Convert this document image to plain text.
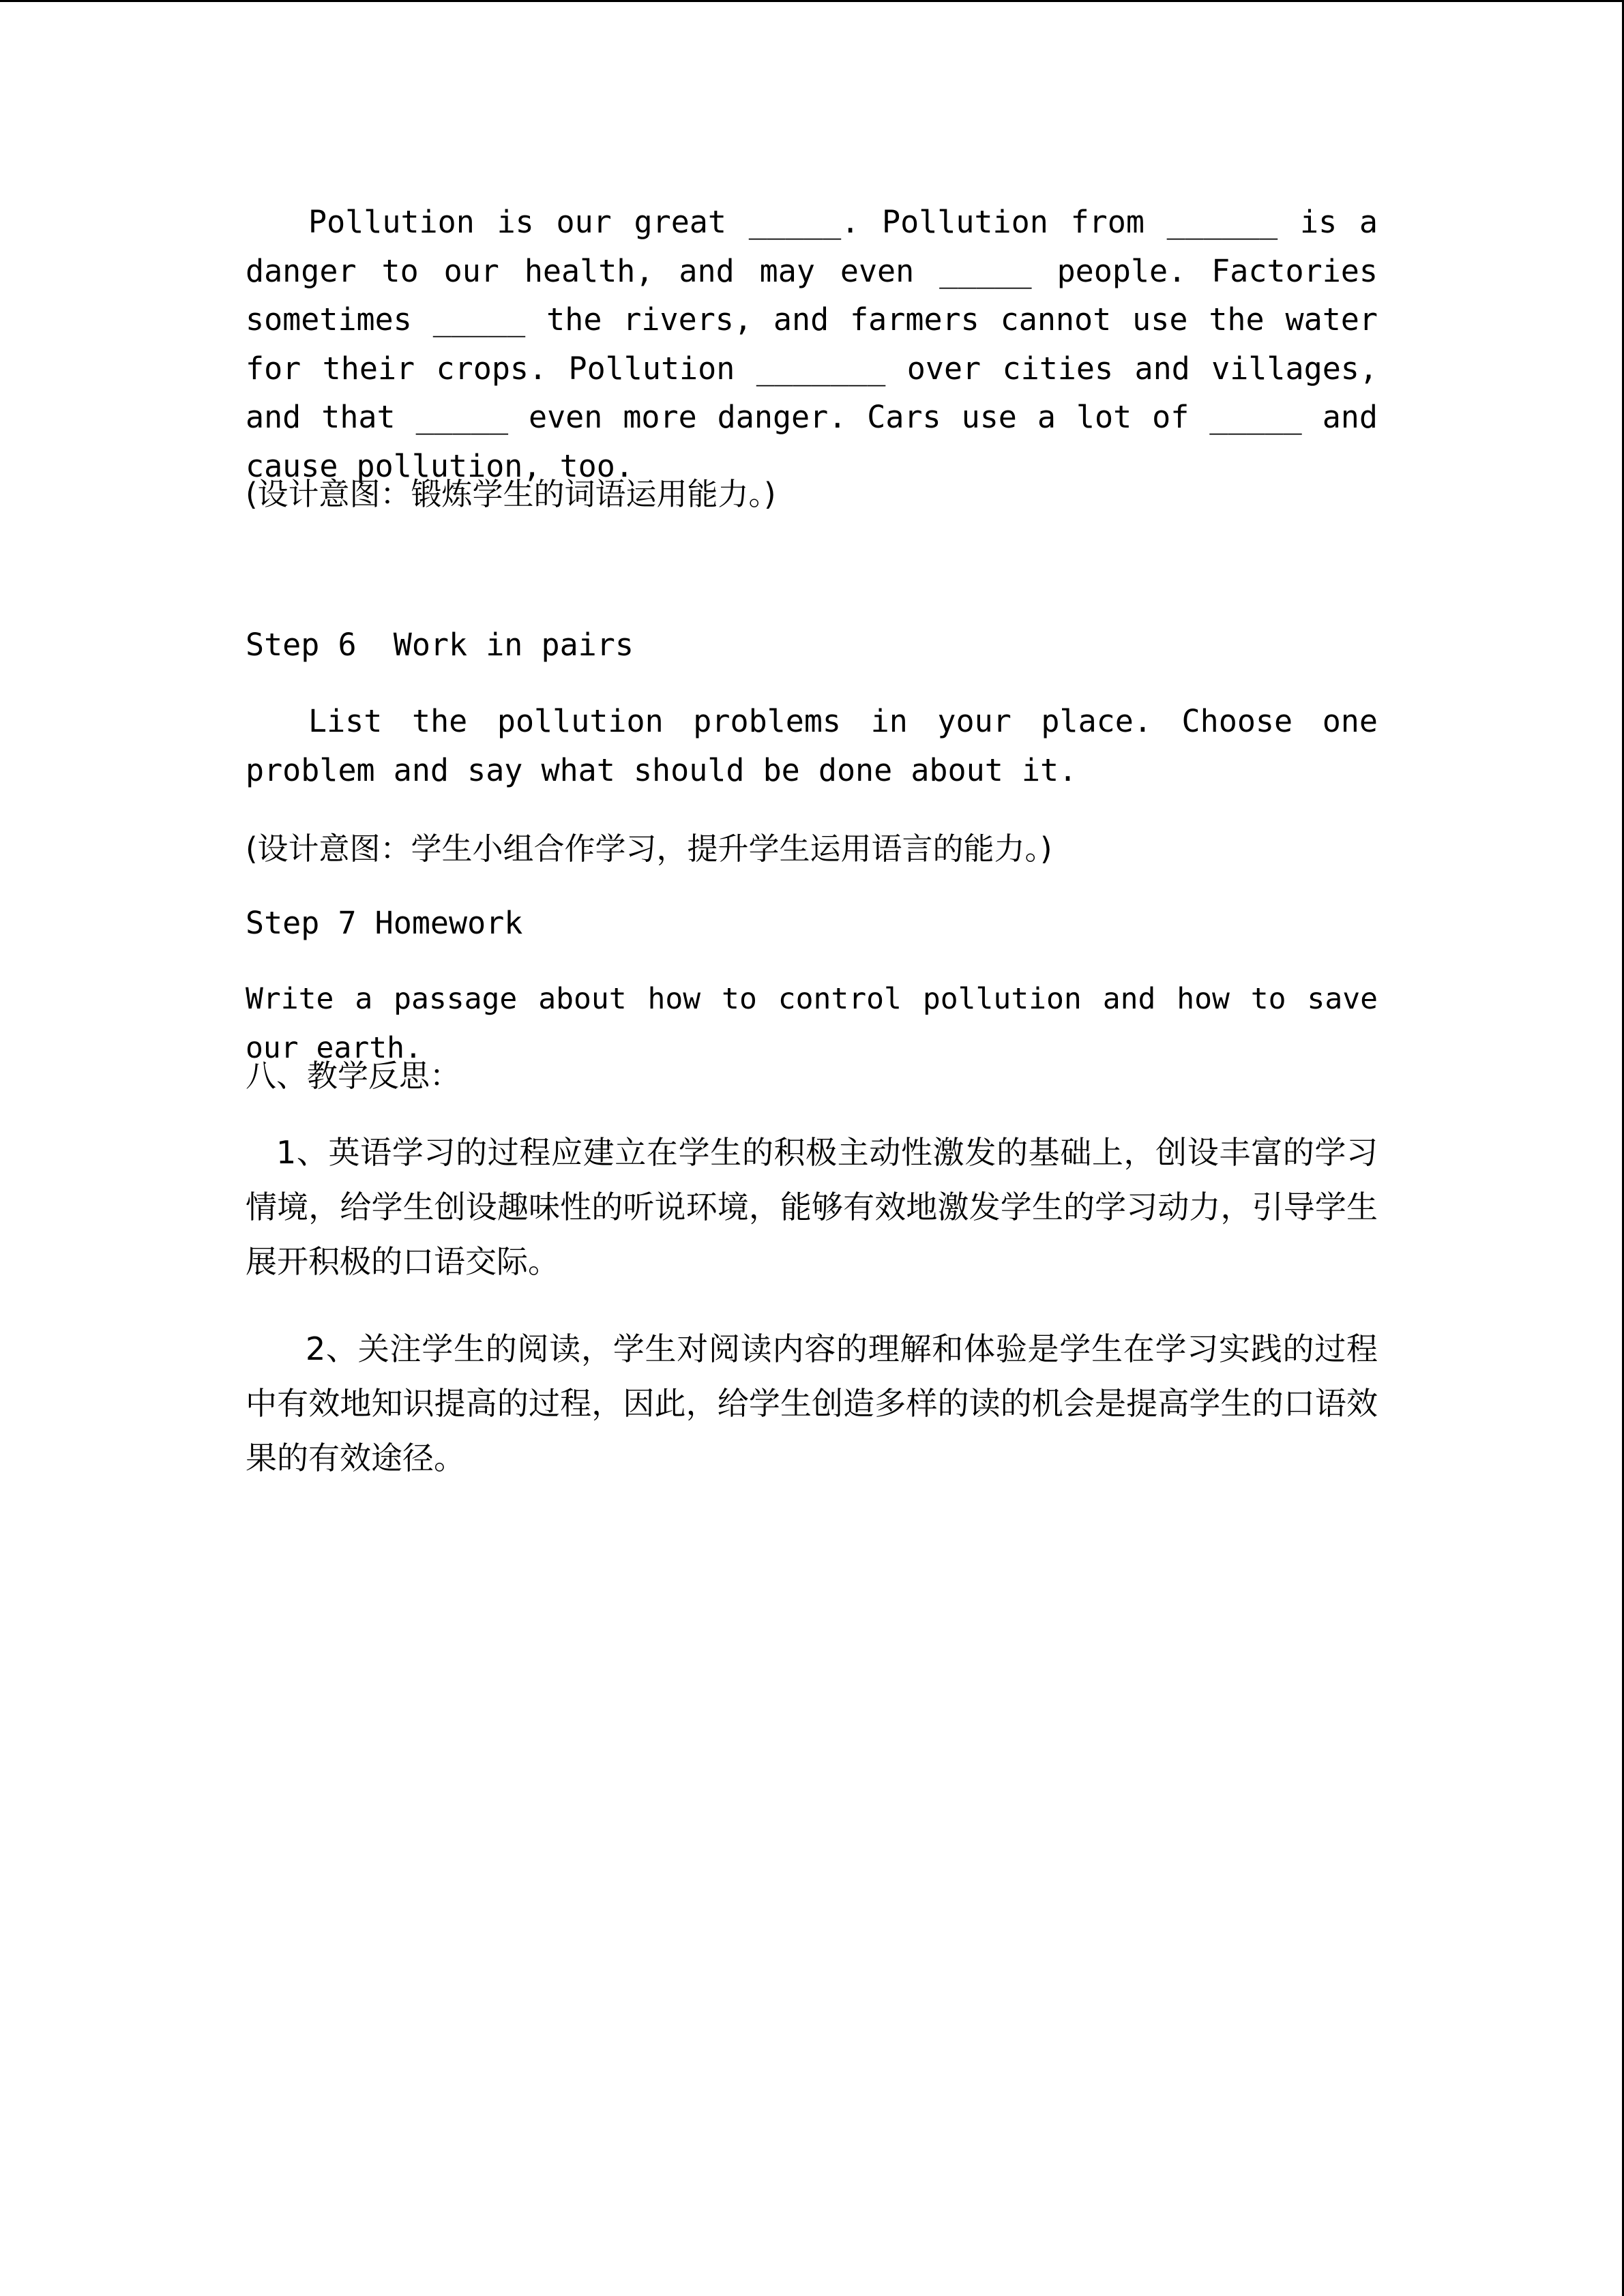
Pollution is our great _____. Pollution from ______ is a danger to our health, and may even _____ people. Factories sometimes _____ the rivers, and farmers cannot use the water for their crops. Pollution _______ over cities and villages, and that _____ even more danger. Cars use a lot of _____ and cause pollution, too.

(设计意图：锻炼学生的词语运用能力。)

Step 6  Work in pairs

List the pollution problems in your place. Choose one problem and say what should be done about it.

(设计意图：学生小组合作学习，提升学生运用语言的能力。)

Step 7 Homework

Write a passage about how to control pollution and how to save our earth.

八、教学反思：

1、英语学习的过程应建立在学生的积极主动性激发的基础上，创设丰富的学习情境，给学生创设趣味性的听说环境，能够有效地激发学生的学习动力，引导学生展开积极的口语交际。

2、关注学生的阅读，学生对阅读内容的理解和体验是学生在学习实践的过程中有效地知识提高的过程，因此，给学生创造多样的读的机会是提高学生的口语效果的有效途径。
